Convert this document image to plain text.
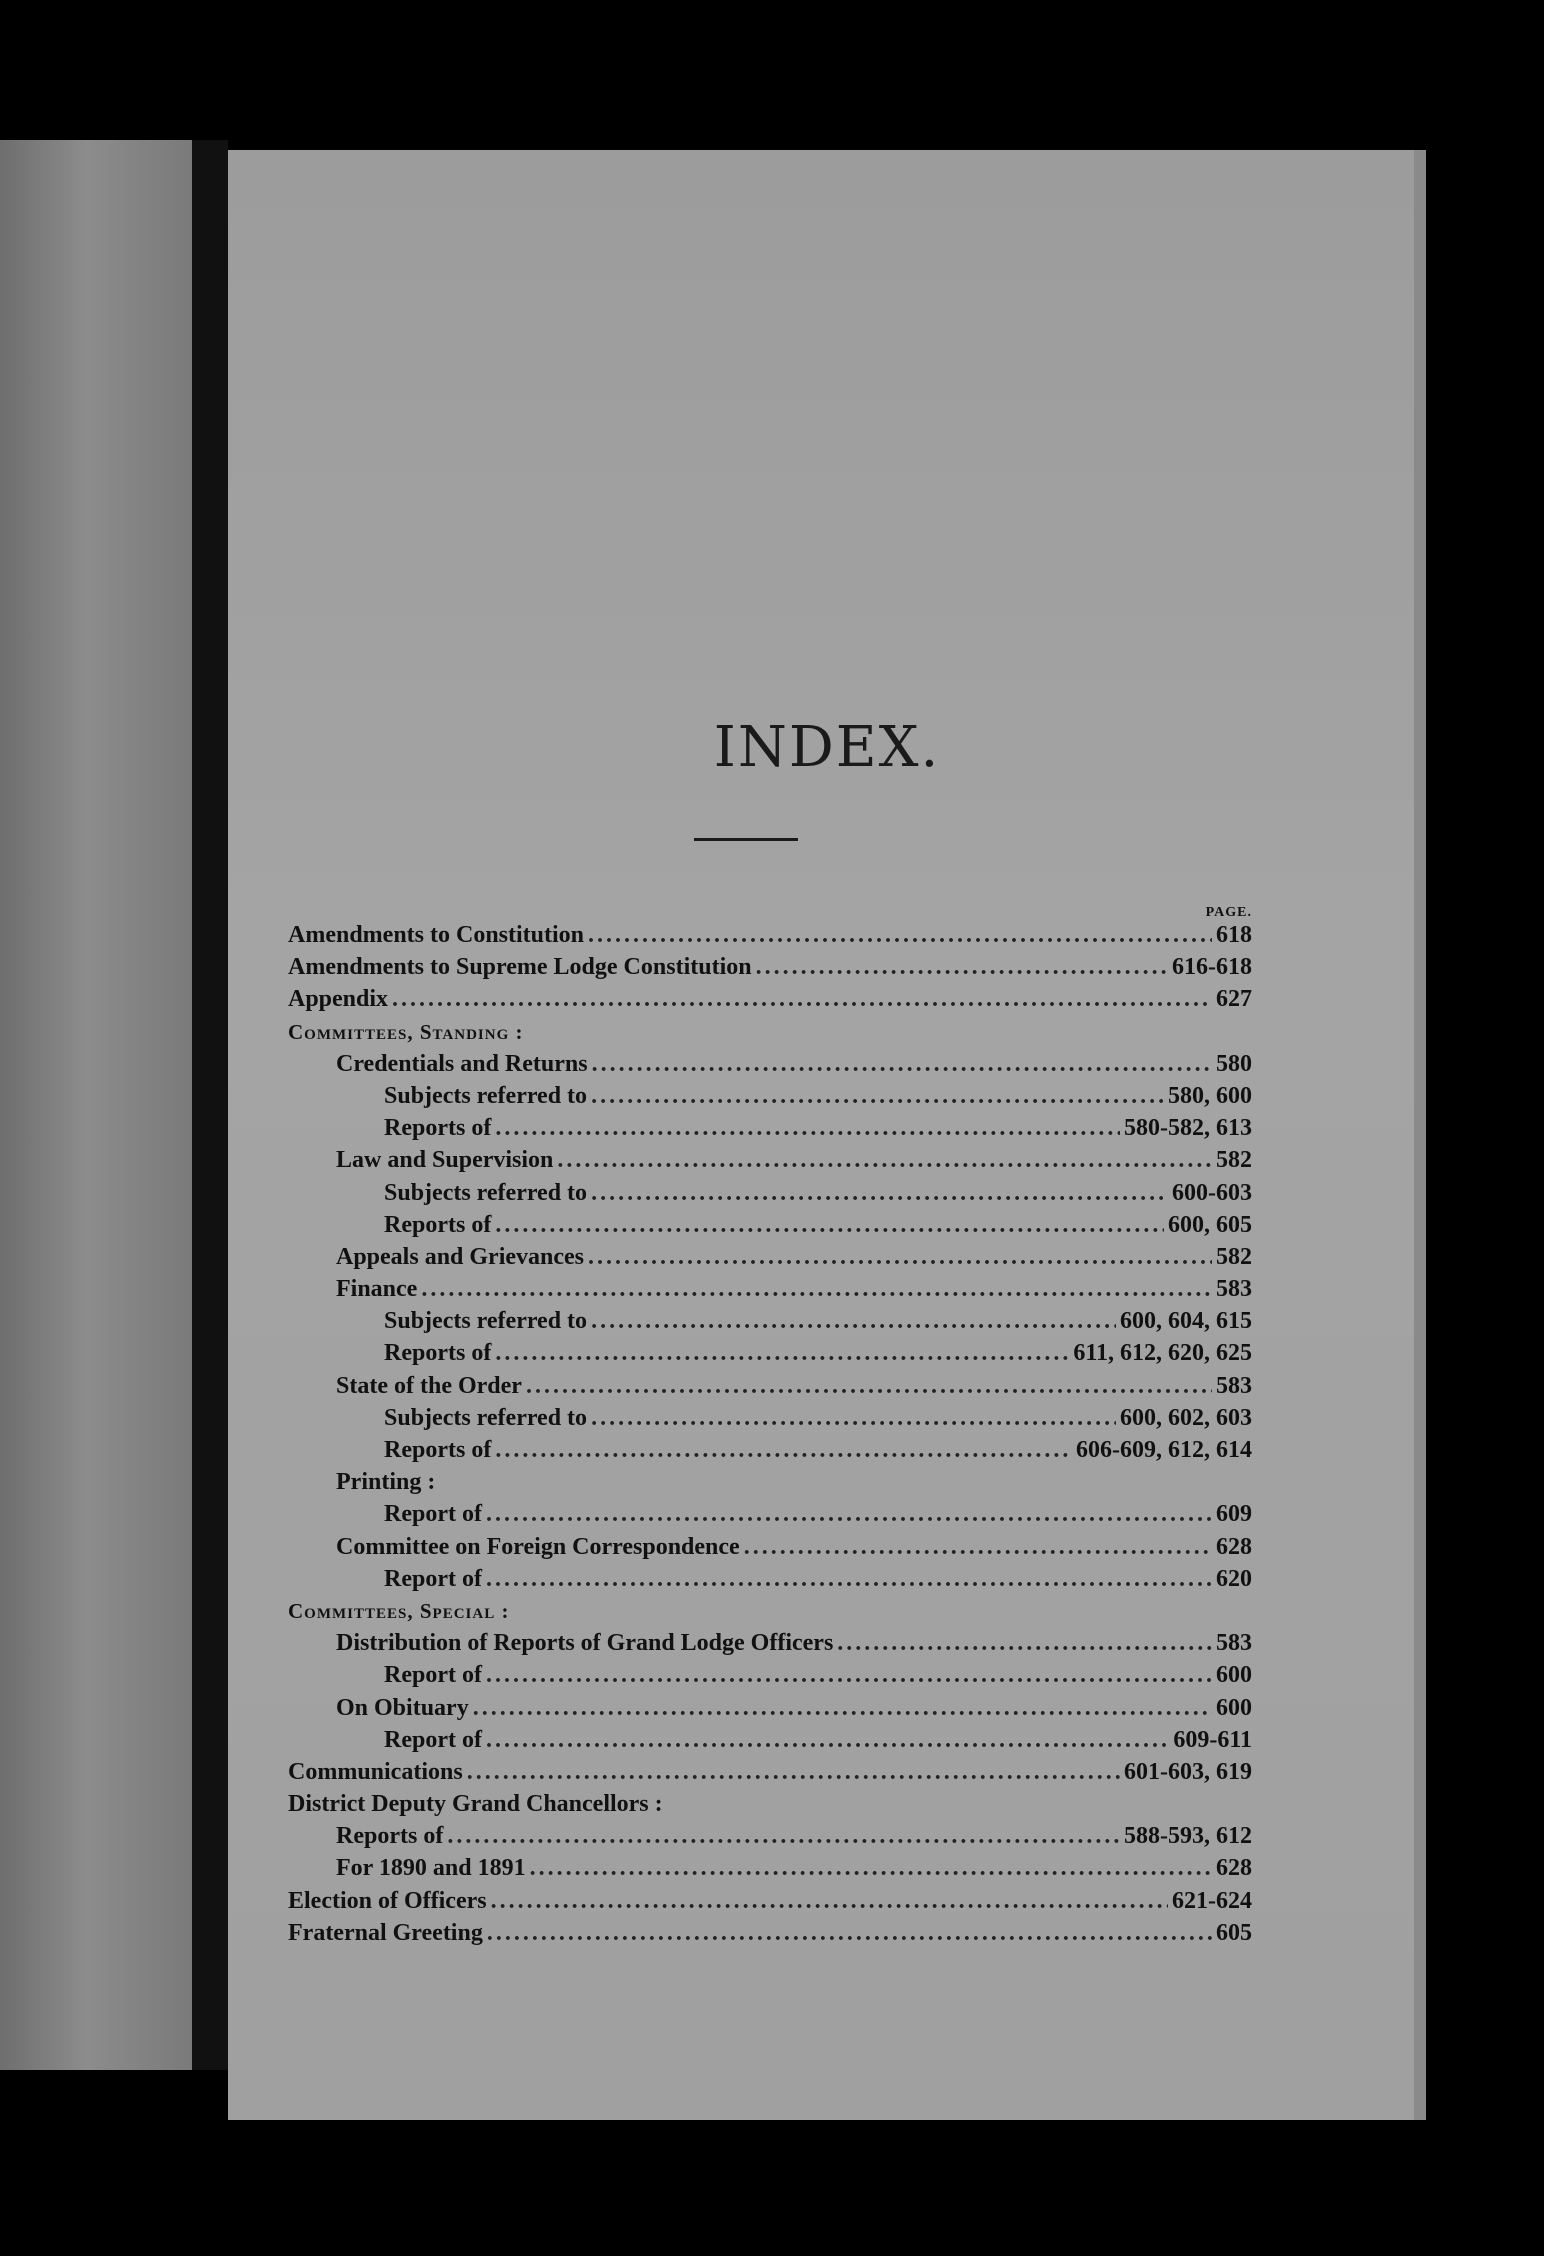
INDEX.
PAGE.
Amendments to Constitution .....	618
Amendments to Supreme Lodge Constitution .....	616-618
Appendix .....	627
Committees, Standing :
Credentials and Returns .....	580
Subjects referred to .....	580, 600
Reports of .....	580-582, 613
Law and Supervision .....	582
Subjects referred to .....	600-603
Reports of .....	600, 605
Appeals and Grievances .....	582
Finance .....	583
Subjects referred to .....	600, 604, 615
Reports of .....	611, 612, 620, 625
State of the Order .....	583
Subjects referred to .....	600, 602, 603
Reports of .....	606-609, 612, 614
Printing :
Report of .....	609
Committee on Foreign Correspondence .....	628
Report of .....	620
Committees, Special :
Distribution of Reports of Grand Lodge Officers .....	583
Report of .....	600
On Obituary .....	600
Report of .....	609-611
Communications .....	601-603, 619
District Deputy Grand Chancellors :
Reports of .....	588-593, 612
For 1890 and 1891 .....	628
Election of Officers .....	621-624
Fraternal Greeting .....	605
